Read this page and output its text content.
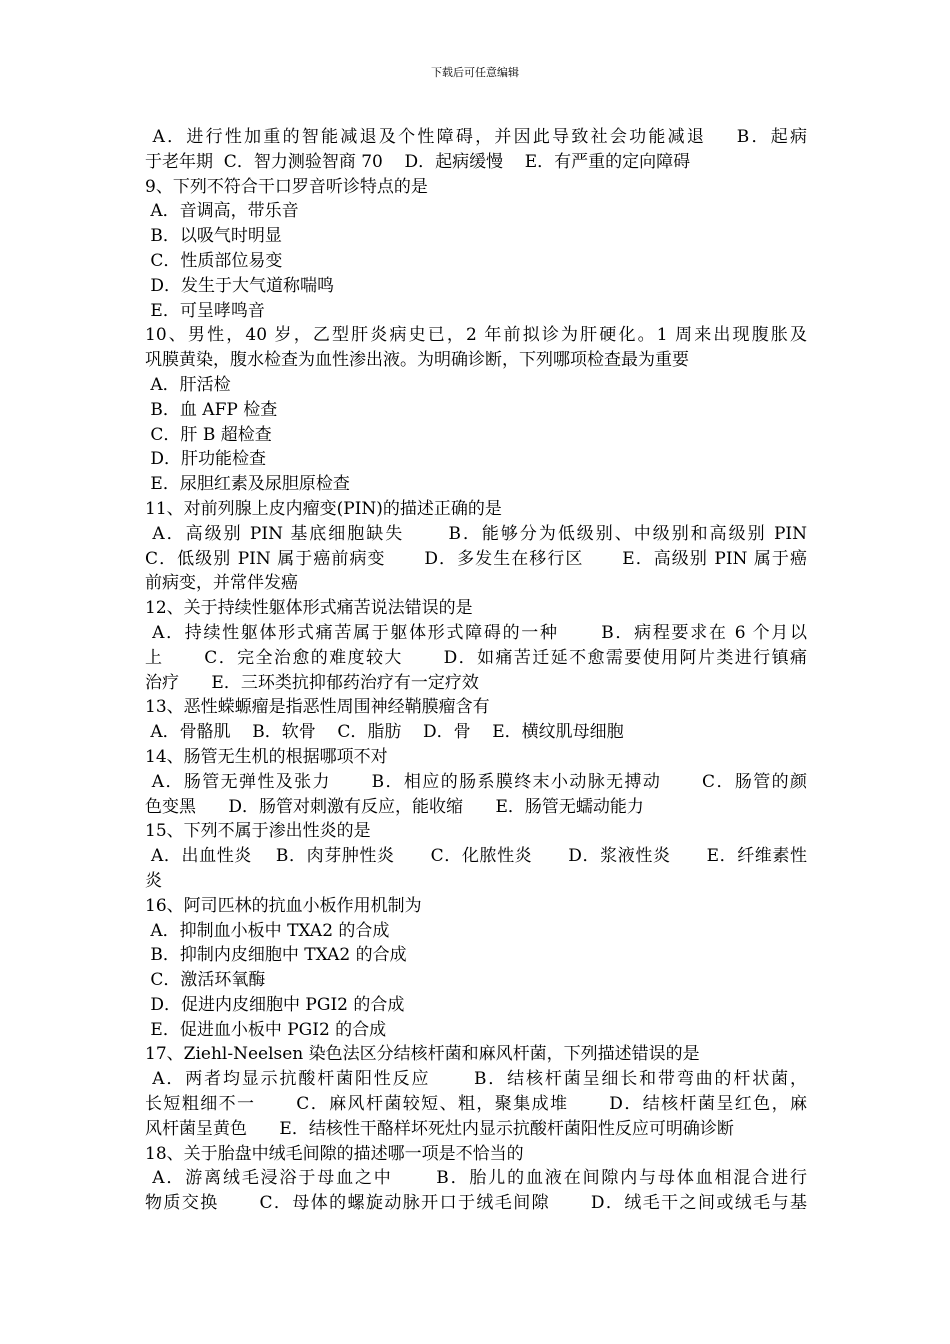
下载后可任意编辑
A．进行性加重的智能减退及个性障碍，并因此导致社会功能减退    B．起病
于老年期  C．智力测验智商 70    D．起病缓慢    E．有严重的定向障碍
9、下列不符合干口罗音听诊特点的是
A．音调高，带乐音
B．以吸气时明显
C．性质部位易变
D．发生于大气道称喘鸣
E．可呈哮鸣音
10、男性，40 岁，乙型肝炎病史已，2 年前拟诊为肝硬化。1 周来出现腹胀及
巩膜黄染，腹水检查为血性渗出液。为明确诊断，下列哪项检查最为重要
A．肝活检
B．血 AFP 检查
C．肝 B 超检查
D．肝功能检查
E．尿胆红素及尿胆原检查
11、对前列腺上皮内瘤变(PIN)的描述正确的是
A．高级别 PIN 基底细胞缺失      B．能够分为低级别、中级别和高级别 PIN
C．低级别 PIN 属于癌前病变      D．多发生在移行区      E．高级别 PIN 属于癌
前病变，并常伴发癌
12、关于持续性躯体形式痛苦说法错误的是
A．持续性躯体形式痛苦属于躯体形式障碍的一种      B．病程要求在 6 个月以
上      C．完全治愈的难度较大      D．如痛苦迁延不愈需要使用阿片类进行镇痛
治疗      E．三环类抗抑郁药治疗有一定疗效
13、恶性蝾螈瘤是指恶性周围神经鞘膜瘤含有
A．骨骼肌    B．软骨    C．脂肪    D．骨    E．横纹肌母细胞
14、肠管无生机的根据哪项不对
A．肠管无弹性及张力      B．相应的肠系膜终末小动脉无搏动      C．肠管的颜
色变黑      D．肠管对刺激有反应，能收缩      E．肠管无蠕动能力
15、下列不属于渗出性炎的是
A．出血性炎    B．肉芽肿性炎      C．化脓性炎      D．浆液性炎      E．纤维素性
炎
16、阿司匹林的抗血小板作用机制为
A．抑制血小板中 TXA2 的合成
B．抑制内皮细胞中 TXA2 的合成
C．激活环氧酶
D．促进内皮细胞中 PGI2 的合成
E．促进血小板中 PGI2 的合成
17、Ziehl-Neelsen 染色法区分结核杆菌和麻风杆菌，下列描述错误的是
A．两者均显示抗酸杆菌阳性反应      B．结核杆菌呈细长和带弯曲的杆状菌，
长短粗细不一      C．麻风杆菌较短、粗，聚集成堆      D．结核杆菌呈红色，麻
风杆菌呈黄色      E．结核性干酪样坏死灶内显示抗酸杆菌阳性反应可明确诊断
18、关于胎盘中绒毛间隙的描述哪一项是不恰当的
A．游离绒毛浸浴于母血之中      B．胎儿的血液在间隙内与母体血相混合进行
物质交换      C．母体的螺旋动脉开口于绒毛间隙      D．绒毛干之间或绒毛与基
